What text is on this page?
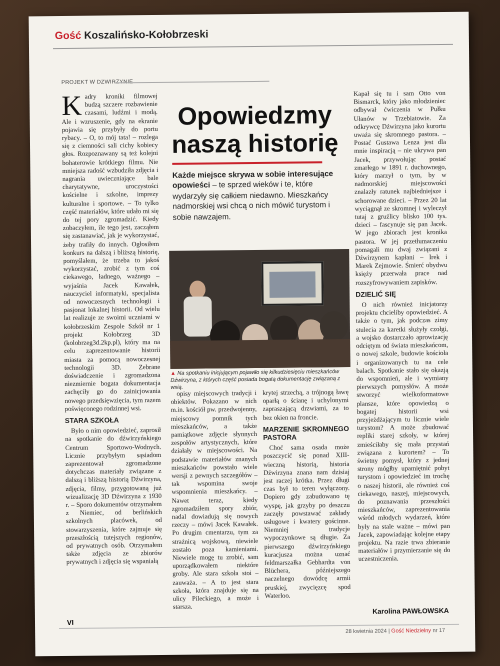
Gość Koszalińsko-Kołobrzeski
PROJEKT W DZWIRZYNIE

Kadry kroniki filmowej budzą szczere rozbawienie czasami, ludźmi i modą. Ale i wzruszenie, gdy na ekranie pojawia się przybyły do portu rybacy. – O, to mój tata! – rozlega się z ciemności sali cichy kobiecy głos. Rozpoznawany są też kolejni bohaterowie krótkiego filmu. Nie mniejsza radość wzbudziła zdjęcia i nagrania uwieczniające bale charytatywne, uroczystości kościelne i szkolne, imprezy kulturalne i sportowe. – To tylko część materiałów, które udało mi się do tej pory zgromadzić. Kiedy zobaczyłem, ile tego jest, zacząłem się zastanawiać, jak je wykorzystać, żeby trafiły do innych. Ogłosiłem konkurs na dalszą i bliższą historię, pomyślałem, że trzeba to jakoś wykorzystać, zrobić z tym coś ciekawego, ładnego, ważnego – wyjaśnia Jacek Kawałek, nauczyciel informatyki, specjalista od nowoczesnych technologii i pasjonat lokalnej historii. Od wielu lat realizuje ze swoimi uczniami w kołobrzeskim Zespole Szkół nr 1 projekt Kołobrzeg 3D (kolobrzeg3d.2kp.pl), który ma na celu zaprezentowanie historii miasta za pomocą nowoczesnej technologii 3D. Zebrane doświadczenie i zgromadzona niezmiernie bogata dokumentacja zachęciły go do zainicjowania nowego przedsięwzięcia, tym razem poświęconego rodzinnej wsi.

STARA SZKOŁA

Było o nim opowiedzieć, zaprosił na spotkanie do dźwirzyńskiego Centrum Sportowo-Wodnych. Licznie przybyłym sąsiadom zaprezentował zgromadzone dotychczas materiały związane z dalszą i bliższą historią Dźwirzyna, zdjęcia, filmy, przygotowaną już wizualizację 3D Dźwirzyna z 1930 r. – Sporo dokumentów otrzymałem z Niemiec, od berlińskich szkolnych placówek, od stowarzyszenia, które zajmuje się przeszłością tutejszych regionów, od prywatnych osób. Otrzymałem także zdjęcia ze zbiorów prywatnych i zdjęcia się wspaniałą

Opowiedzmy naszą historię
Każde miejsce skrywa w sobie interesujące opowieści – te sprzed wieków i te, które wydarzyły się całkiem niedawno. Mieszkańcy nadmorskiej wsi chcą o nich mówić turystom i sobie nawzajem.
▲ Na spotkaniu inicjującym pojawiło się kilkudziesięciu mieszkańców Dźwirzyna, z których część posiada bogatą dokumentację związaną z wsią.

opisy miejscowych tradycji i obiektów. Pokazano w nich m.in. kościół pw. przedwojenny, miejscowy pomnik tych mieszkańców, a także pamiątkowe zdjęcie słynnych zespołów artystycznych, które działały w miejscowości. Na podstawie materiałów znanych mieszkańców powstało wiele wersji z pewnych szczegółów – tak wspomina swoje wspomnienia mieszkańcy. – Nawet teraz, kiedy zgromadziłem spory zbiór, nadal dowiadują się nowych rzeczy – mówi Jacek Kawałek. Po drugim cmentarzu, tym za strażnicą wojskową, niewiele zostało poza kamieniami. Niewiele mogę tu zrobić, sam uporządkowałem niektóre groby. Ale stara szkoła stoi – zauważa. – A to jest stara szkoła, która znajduje się na ulicy Pileckiego, a może i starsza.

krytej strzechą, a trójnogą ławę oparłą o ścianę i uchylonymi zapraszającą drzwiami, za to bez okien na froncie.

MARZENIE SKROMNEGO PASTORA

Choć sama osada może poszczycić się ponad XIII-wieczną historią, historia Dźwirzyna znana nam dzisiaj jest raczej krótka. Przez długi czas był to teren wyłączony. Dopiero gdy zabudowano tę wyspę, jak grzyby po deszczu zaczęły powstawać zakłady usługowe i kwatery gościnne. Niemniej tradycje wypoczynkowe są długie. Za pierwszego dźwirzyńskiego kuracjusza można uznać feldmarszałka Gebhardta von Blüchera, późniejszego naczelnego dowódcę armii pruskiej, zwycięzcę spod Waterloo.

Kapał się tu i sam Otto von Bismarck, który jako młodzieniec odbywał ćwiczenia w Pułku Ułanów w Trzebiatowie. Za odkrywcę Dźwirzyna jako kurortu uważa się skromnego pastora. – Postać Gustawa Lenza jest dla mnie inspiracją – nie ukrywa pan Jacek, przywołując postać zmarłego w 1891 r. duchownego, który marzył o tym, by w nadmorskiej miejscowości znalazły ratunek najbiedniejsze i schorowane dzieci. – Przez 20 lat wyciągnął ze skromnej i wyleczył tutaj z gruźlicy blisko 100 tys. dzieci – fascynuje się pan Jacek. W jego zbiorach jest kronika pastora. W jej przetłumaczeniu pomagali mu dwaj związani z Dźwirzynem kapłani – Irek i Marek Zejmowie. Śmierć obydwu księży przerwała prace nad rozszyfrowywaniem zapisków.

DZIELIĆ SIĘ

O nich również inicjatorzy projektu chcieliby opowiedzieć. A także o tym, jak podczas zimy stulecia za karetki służyły czołgi, a wojsko dostarczało aprowizację odciętym od świata mieszkańcom, o nowej szkole, budowie kościoła i organizowanych tu na cele balach. Spotkanie stało się okazją do wspomnień, ale i wymiany pierwszych pomysłów. A może stworzyć wielkoformatowe plansze, które opowiedzą o bogatej historii wsi przyjeżdżającym tu licznie wiele turystom? A może zbudować repliki starej szkoły, w której zmieściłaby się mała przystań związana z kurortem? – To świetny pomysł, który z jednej strony mógłby upamiętnić pobyt turystom i opowiedzieć im trochę o naszej historii, ale również coś ciekawego, naszej, miejscowych, do poznawania przeszłości mieszkańców, zaprezentowania wśród młodych wydarzeń, które były na stale ważne – mówi pan Jacek, zapowiadając kolejne etapy projektu. Na razie trwa zbieranie materiałów i przymierzanie się do uczestniczenia.

Karolina PAWŁOWSKA
VI
28 kwietnia 2024 | Gość Niedzielny nr 17
